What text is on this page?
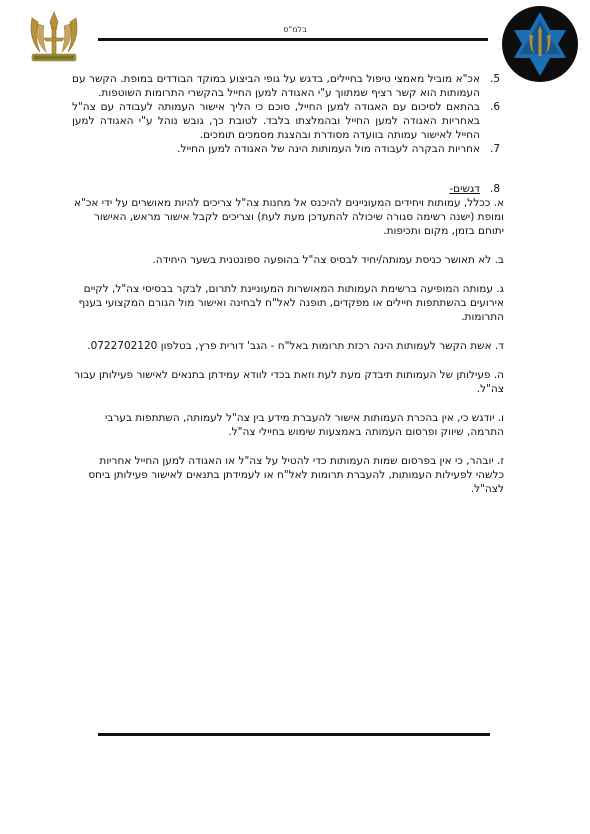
בלמ"ס
.5

אכ"א מוביל מאמצי טיפול בחיילים, בדגש על גופי הביצוע במוקד הבודדים במופת. הקשר עם העמותות הוא קשר רציף שמתווך ע"י האגודה למען החייל בהקשרי התרומות השוטפות.

.6

בהתאם לסיכום עם האגודה למען החייל, סוכם כי הליך אישור העמותה לעבודה עם צה"ל באחריות האגודה למען החייל ובהמלצתו בלבד. לטובת כך, גובש נוהל ע"י האגודה למען החייל לאישור עמותה בוועדה מסודרת ובהצגת מסמכים תומכים.

.7

אחריות הבקרה לעבודה מול העמותות הינה של האגודה למען החייל.

.8

דגשים-

א. ככלל, עמותות ויחידים המעוניינים להיכנס אל מחנות צה"ל צריכים להיות מאושרים על ידי אכ"א ומופת (ישנה רשימה סגורה שיכולה להתעדכן מעת לעת) וצריכים לקבל אישור מראש, האישור יתוחם בזמן, מקום ותכיפות.

ב. לא תאושר כניסת עמותה/יחיד לבסיס צה"ל בהופעה ספונטנית בשער היחידה.

ג. עמותה המופיעה ברשימת העמותות המאושרות המעוניינת לתרום, לבקר בבסיסי צה"ל, לקיים אירועים בהשתתפות חיילים או מפקדים, תופנה לאל"ח לבחינה ואישור מול הגורם המקצועי בענף התרומות.

ד. אשת הקשר לעמותות הינה רכזת תרומות באל"ח - הגב' דורית פרץ, בטלפון 0722702120.

ה. פעילותן של העמותות תיבדק מעת לעת וזאת בכדי לוודא עמידתן בתנאים לאישור פעילותן עבור צה"ל.

ו. יודגש כי, אין בהכרת העמותות אישור להעברת מידע בין צה"ל לעמותה, השתתפות בערבי התרמה, שיווק ופרסום העמותה באמצעות שימוש בחיילי צה"ל.

ז. יובהר, כי אין בפרסום שמות העמותות כדי להטיל על צה"ל או האגודה למען החייל אחריות כלשהי לפעילות העמותות, להעברת תרומות לאל"ח או לעמידתן בתנאים לאישור פעילותן ביחס לצה"ל.
